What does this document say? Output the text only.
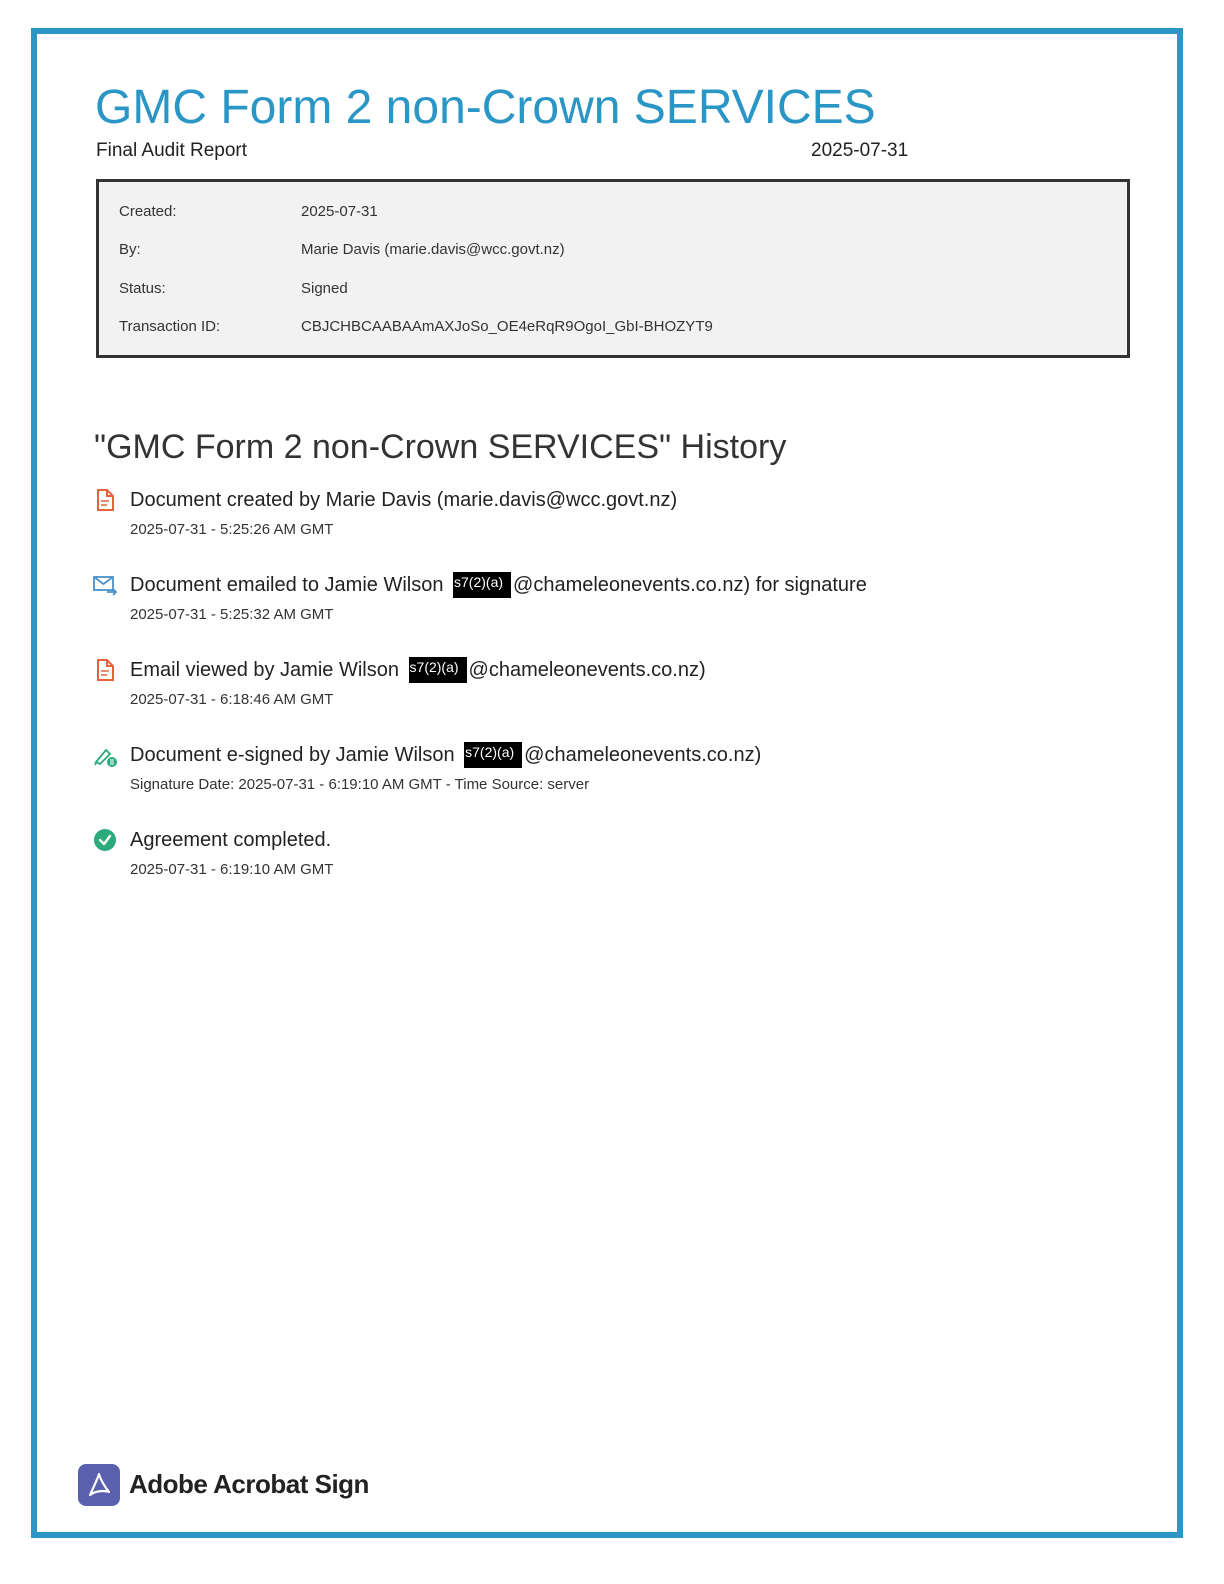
GMC Form 2 non-Crown SERVICES
Final Audit Report	2025-07-31
Created:	2025-07-31
By:	Marie Davis (marie.davis@wcc.govt.nz)
Status:	Signed
Transaction ID:	CBJCHBCAABAAmAXJoSo_OE4eRqR9OgoI_GbI-BHOZYT9
"GMC Form 2 non-Crown SERVICES" History
Document created by Marie Davis (marie.davis@wcc.govt.nz)
2025-07-31 - 5:25:26 AM GMT
Document emailed to Jamie Wilson s7(2)(a) @chameleonevents.co.nz) for signature
2025-07-31 - 5:25:32 AM GMT
Email viewed by Jamie Wilson s7(2)(a) @chameleonevents.co.nz)
2025-07-31 - 6:18:46 AM GMT
Document e-signed by Jamie Wilson s7(2)(a) @chameleonevents.co.nz)
Signature Date: 2025-07-31 - 6:19:10 AM GMT - Time Source: server
Agreement completed.
2025-07-31 - 6:19:10 AM GMT
Adobe Acrobat Sign
